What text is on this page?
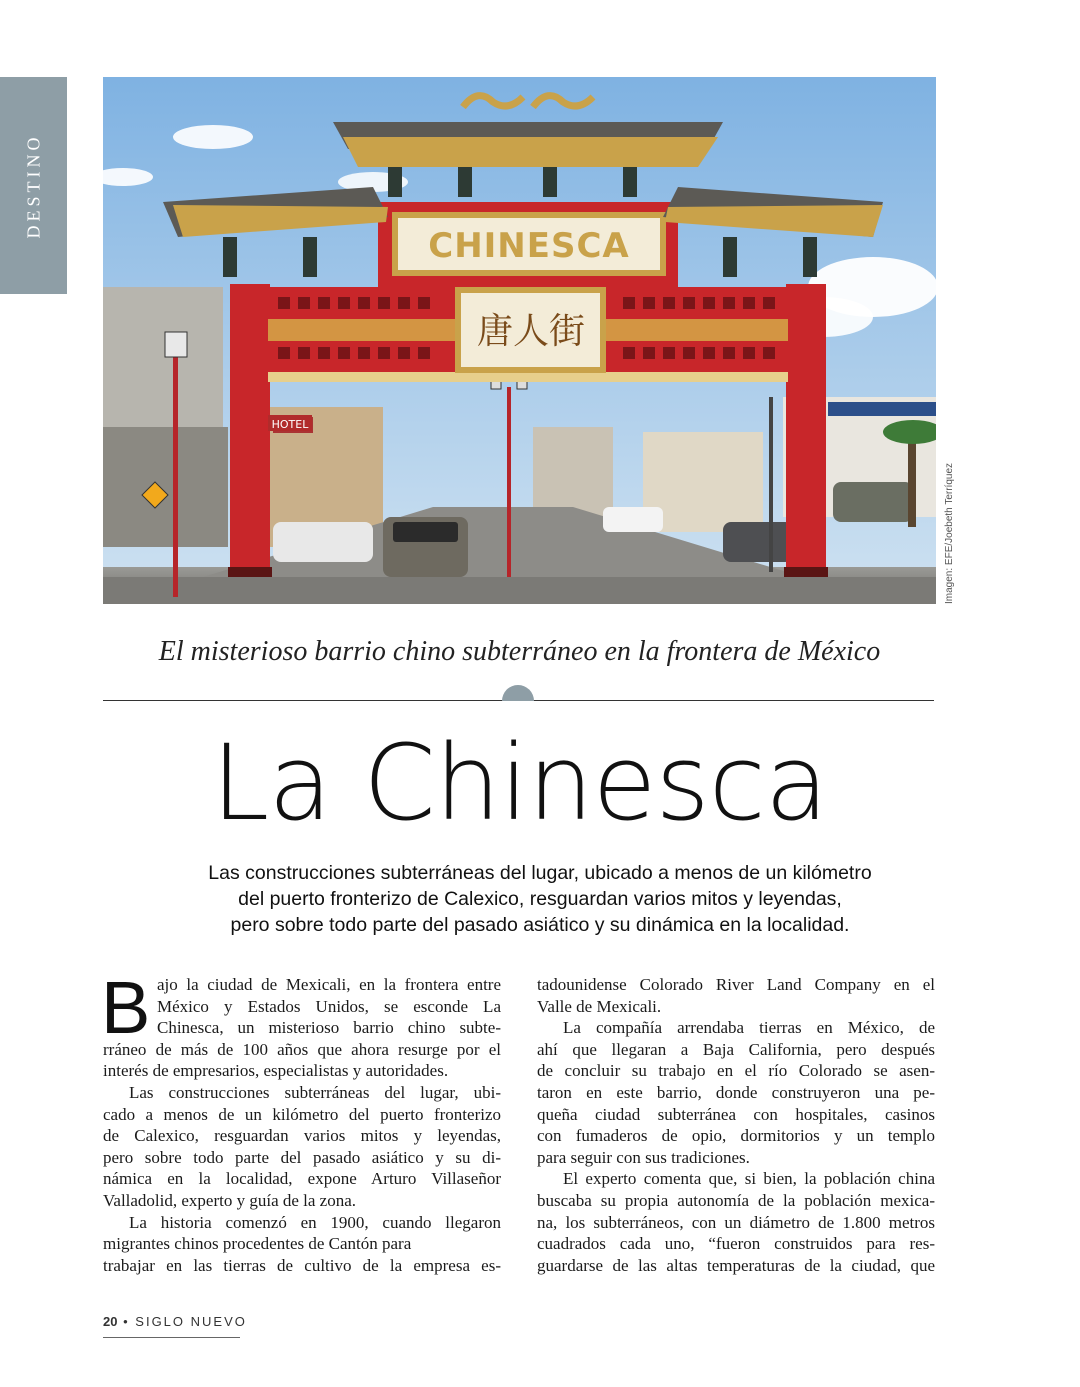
DESTINO
CHINESCA
唐人街
HOTEL
Imagen: EFE/Joebeth Terríquez
El misterioso barrio chino subterráneo en la frontera de México
La Chinesca
Las construcciones subterráneas del lugar, ubicado a menos de un kilómetro
del puerto fronterizo de Calexico, resguardan varios mitos y leyendas,
pero sobre todo parte del pasado asiático y su dinámica en la localidad.
B ajo la ciudad de Mexicali, en la frontera entre
México y Estados Unidos, se esconde La
Chinesca, un misterioso barrio chino subte-
rráneo de más de 100 años que ahora resurge por el
interés de empresarios, especialistas y autoridades.
Las construcciones subterráneas del lugar, ubi-
cado a menos de un kilómetro del puerto fronterizo
de Calexico, resguardan varios mitos y leyendas,
pero sobre todo parte del pasado asiático y su di-
námica en la localidad, expone Arturo Villaseñor
Valladolid, experto y guía de la zona.
La historia comenzó en 1900, cuando llegaron
migrantes chinos procedentes de Cantón para
trabajar en las tierras de cultivo de la empresa es-
tadounidense Colorado River Land Company en el
Valle de Mexicali.
La compañía arrendaba tierras en México, de
ahí que llegaran a Baja California, pero después
de concluir su trabajo en el río Colorado se asen-
taron en este barrio, donde construyeron una pe-
queña ciudad subterránea con hospitales, casinos
con fumaderos de opio, dormitorios y un templo
para seguir con sus tradiciones.
El experto comenta que, si bien, la población china
buscaba su propia autonomía de la población mexica-
na, los subterráneos, con un diámetro de 1.800 metros
cuadrados cada uno, “fueron construidos para res-
guardarse de las altas temperaturas de la ciudad, que
20 • SIGLO NUEVO
